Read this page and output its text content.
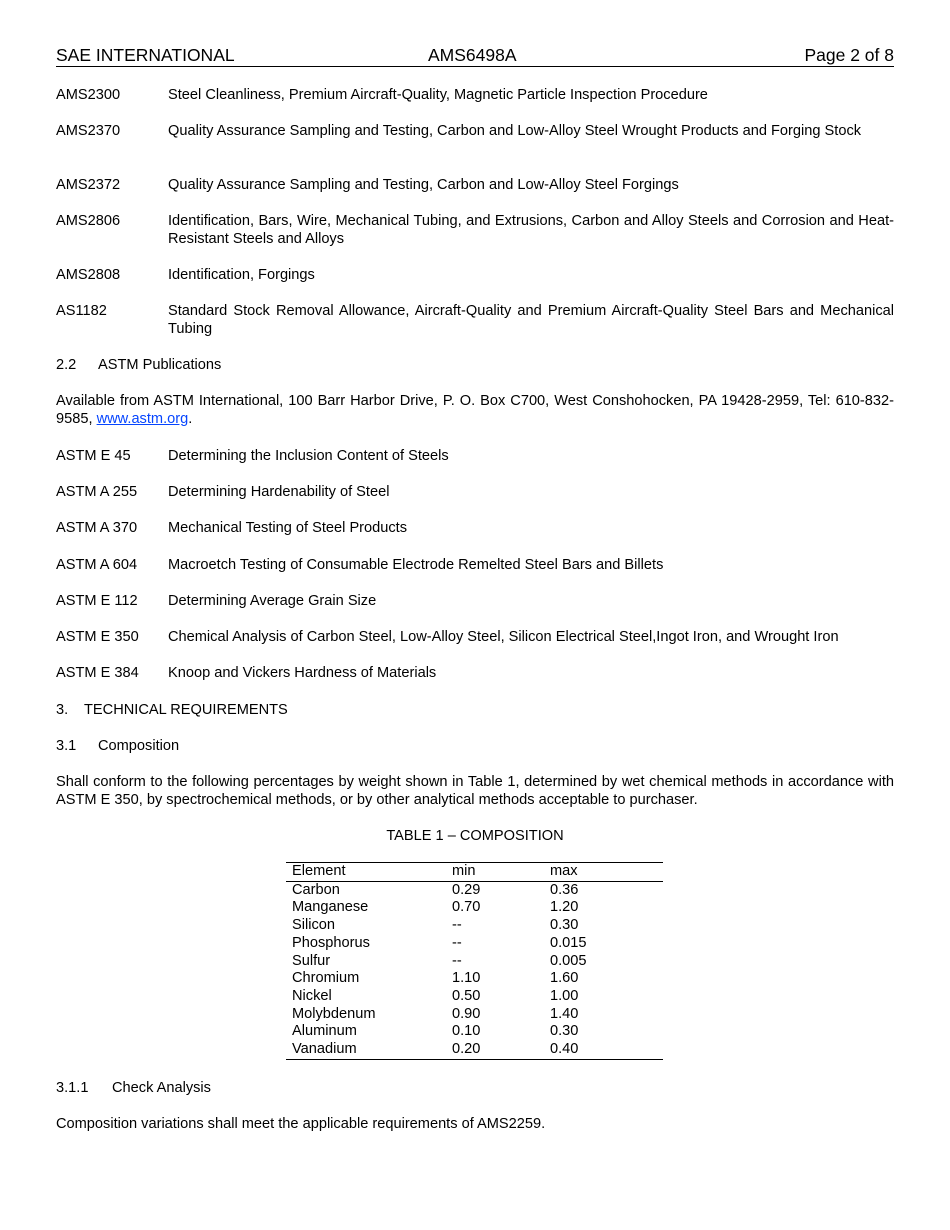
SAE INTERNATIONAL	AMS6498A	Page 2 of 8
AMS2300	Steel Cleanliness, Premium Aircraft-Quality, Magnetic Particle Inspection Procedure
AMS2370	Quality Assurance Sampling and Testing, Carbon and Low-Alloy Steel Wrought Products and Forging Stock
AMS2372	Quality Assurance Sampling and Testing, Carbon and Low-Alloy Steel Forgings
AMS2806	Identification, Bars, Wire, Mechanical Tubing, and Extrusions, Carbon and Alloy Steels and Corrosion and Heat-Resistant Steels and Alloys
AMS2808	Identification, Forgings
AS1182	Standard Stock Removal Allowance, Aircraft-Quality and Premium Aircraft-Quality Steel Bars and Mechanical Tubing
2.2 ASTM Publications
Available from ASTM International, 100 Barr Harbor Drive, P. O. Box C700, West Conshohocken, PA 19428-2959, Tel: 610-832-9585, www.astm.org.
ASTM E 45	Determining the Inclusion Content of Steels
ASTM A 255	Determining Hardenability of Steel
ASTM A 370	Mechanical Testing of Steel Products
ASTM A 604	Macroetch Testing of Consumable Electrode Remelted Steel Bars and Billets
ASTM E 112	Determining Average Grain Size
ASTM E 350	Chemical Analysis of Carbon Steel, Low-Alloy Steel, Silicon Electrical Steel,Ingot Iron, and Wrought Iron
ASTM E 384	Knoop and Vickers Hardness of Materials
3. TECHNICAL REQUIREMENTS
3.1 Composition
Shall conform to the following percentages by weight shown in Table 1, determined by wet chemical methods in accordance with ASTM E 350, by spectrochemical methods, or by other analytical methods acceptable to purchaser.
TABLE 1 – COMPOSITION
Element	min	max
Carbon	0.29	0.36
Manganese	0.70	1.20
Silicon	--	0.30
Phosphorus	--	0.015
Sulfur	--	0.005
Chromium	1.10	1.60
Nickel	0.50	1.00
Molybdenum	0.90	1.40
Aluminum	0.10	0.30
Vanadium	0.20	0.40
3.1.1 Check Analysis
Composition variations shall meet the applicable requirements of AMS2259.
